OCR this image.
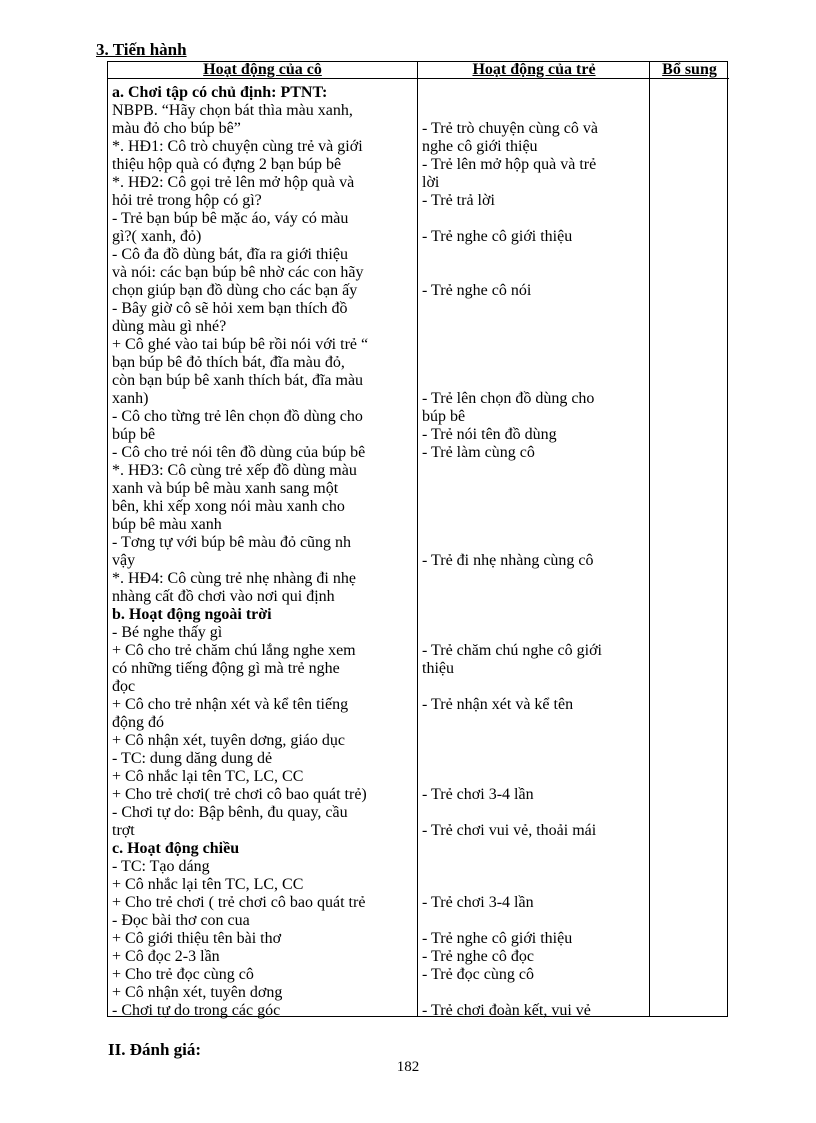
3. Tiến hành
Hoạt động của cô
a. Chơi tập có chủ định: PTNT:
NBPB. “Hãy chọn bát thìa màu xanh,
màu đỏ cho búp bê”
*. HĐ1: Cô trò chuyện cùng trẻ và giới
thiệu hộp quà có đựng 2 bạn búp bê
*. HĐ2: Cô gọi trẻ lên mở hộp quà và
hỏi trẻ trong hộp có gì?
- Trẻ bạn búp bê mặc áo, váy có màu
gì?( xanh, đỏ)
- Cô đa đồ dùng bát, đĩa ra giới thiệu
và nói: các bạn búp bê nhờ các con hãy
chọn giúp bạn đồ dùng cho các bạn ấy
- Bây giờ cô sẽ hỏi xem bạn thích đồ
dùng màu gì nhé?
+ Cô ghé vào tai búp bê rồi nói với trẻ “
bạn búp bê đỏ thích bát, đĩa màu đỏ,
còn bạn búp bê xanh thích bát, đĩa màu
xanh)
- Cô cho từng trẻ lên chọn đồ dùng cho
búp bê
- Cô cho trẻ nói tên đồ dùng của búp bê
*. HĐ3: Cô cùng trẻ xếp đồ dùng màu
xanh và búp bê màu xanh sang một
bên, khi xếp xong nói màu xanh cho
búp bê màu xanh
- Tơng tự với búp bê màu đỏ cũng nh
vậy
*. HĐ4: Cô cùng trẻ nhẹ nhàng đi nhẹ
nhàng cất đồ chơi vào nơi qui định
b. Hoạt động ngoài trời
- Bé nghe thấy gì
+ Cô cho trẻ chăm chú lắng nghe xem
có những tiếng động gì mà trẻ nghe
đọc
+ Cô cho trẻ nhận xét và kể tên tiếng
động đó
+ Cô nhận xét, tuyên dơng, giáo dục
- TC: dung dăng dung dẻ
+ Cô nhắc lại tên TC, LC, CC
+ Cho trẻ chơi( trẻ chơi cô bao quát trẻ)
- Chơi tự do: Bập bênh, đu quay, cầu
trợt
c. Hoạt động chiều
- TC: Tạo dáng
+ Cô nhắc lại tên TC, LC, CC
+ Cho trẻ chơi ( trẻ chơi cô bao quát trẻ
- Đọc bài thơ con cua
+ Cô giới thiệu tên bài thơ
+ Cô đọc 2-3 lần
+ Cho trẻ đọc cùng cô
+ Cô nhận xét, tuyên dơng
- Chơi tự do trong các góc
Hoạt động của trẻ
- Trẻ trò chuyện cùng cô và
nghe cô giới thiệu
- Trẻ lên mở hộp quà và trẻ
lời
- Trẻ trả lời
- Trẻ nghe cô giới thiệu
- Trẻ nghe cô nói
- Trẻ lên chọn đồ dùng cho
búp bê
- Trẻ nói tên đồ dùng
- Trẻ làm cùng cô
- Trẻ đi nhẹ nhàng cùng cô
- Trẻ chăm chú nghe cô giới
thiệu
- Trẻ nhận xét và kể tên
- Trẻ chơi 3-4 lần
- Trẻ chơi vui vẻ, thoải mái
- Trẻ chơi 3-4 lần
- Trẻ nghe cô giới thiệu
- Trẻ nghe cô đọc
- Trẻ đọc cùng cô
- Trẻ chơi đoàn kết, vui vẻ
Bổ sung
II. Đánh giá:
182
